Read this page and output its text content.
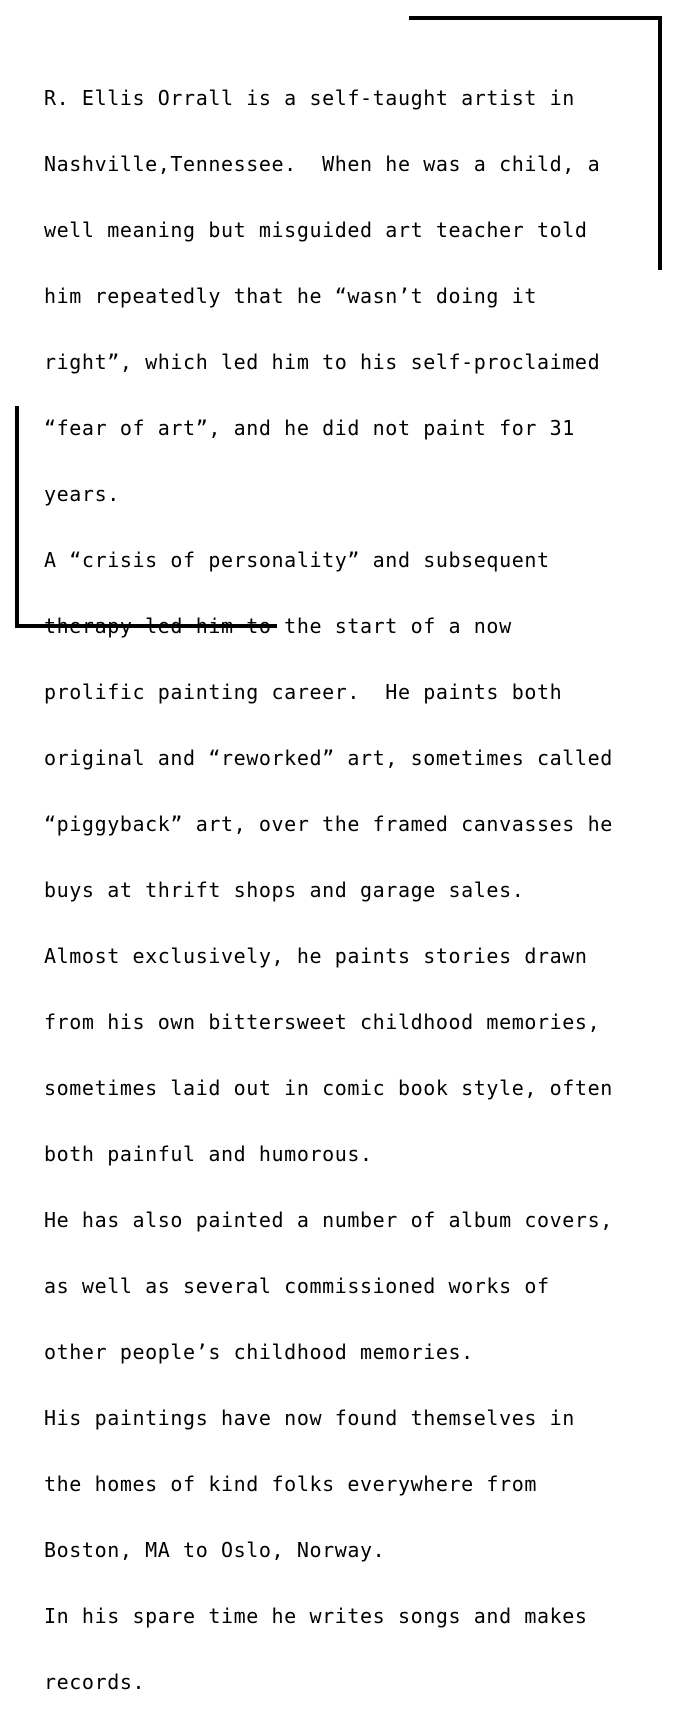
R. Ellis Orrall is a self-taught artist in

Nashville,Tennessee.  When he was a child, a

well meaning but misguided art teacher told

him repeatedly that he “wasn’t doing it

right”, which led him to his self-proclaimed

“fear of art”, and he did not paint for 31

years.

A “crisis of personality” and subsequent

therapy led him to the start of a now

prolific painting career.  He paints both

original and “reworked” art, sometimes called

“piggyback” art, over the framed canvasses he

buys at thrift shops and garage sales.

Almost exclusively, he paints stories drawn

from his own bittersweet childhood memories,

sometimes laid out in comic book style, often

both painful and humorous.

He has also painted a number of album covers,

as well as several commissioned works of

other people’s childhood memories.

His paintings have now found themselves in

the homes of kind folks everywhere from

Boston, MA to Oslo, Norway.

In his spare time he writes songs and makes

records.
